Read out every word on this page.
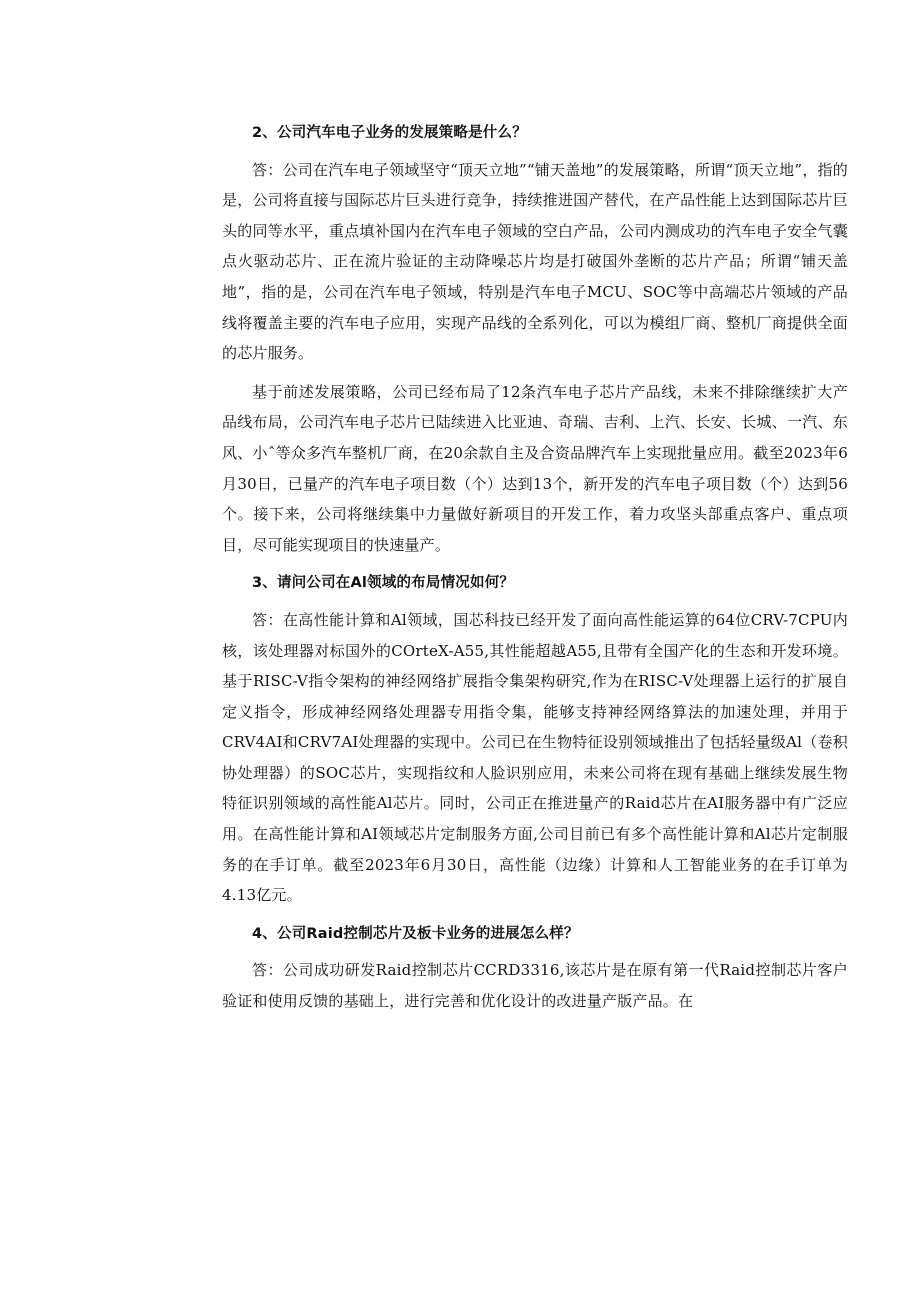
2、公司汽车电子业务的发展策略是什么？

答：公司在汽车电子领域坚守“顶天立地”“铺天盖地”的发展策略，所谓“顶天立地”，指的是，公司将直接与国际芯片巨头进行竞争，持续推进国产替代，在产品性能上达到国际芯片巨头的同等水平，重点填补国内在汽车电子领域的空白产品，公司内测成功的汽车电子安全气囊点火驱动芯片、正在流片验证的主动降噪芯片均是打破国外垄断的芯片产品；所谓“铺天盖地”，指的是，公司在汽车电子领域，特别是汽车电子MCU、SOC等中高端芯片领域的产品线将覆盖主要的汽车电子应用，实现产品线的全系列化，可以为模组厂商、整机厂商提供全面的芯片服务。

基于前述发展策略，公司已经布局了12条汽车电子芯片产品线，未来不排除继续扩大产品线布局，公司汽车电子芯片已陆续进入比亚迪、奇瑞、吉利、上汽、长安、长城、一汽、东风、小ˆ等众多汽车整机厂商，在20余款自主及合资品牌汽车上实现批量应用。截至2023年6月30日，已量产的汽车电子项目数（个）达到13个，新开发的汽车电子项目数（个）达到56个。接下来，公司将继续集中力量做好新项目的开发工作，着力攻坚头部重点客户、重点项目，尽可能实现项目的快速量产。

3、请问公司在Al领域的布局情况如何？

答：在高性能计算和Al领域，国芯科技已经开发了面向高性能运算的64位CRV-7CPU内核，该处理器对标国外的COrteX-A55,其性能超越A55,且带有全国产化的生态和开发环境。基于RISC-V指令架构的神经网络扩展指令集架构研究,作为在RISC-V处理器上运行的扩展自定义指令，形成神经网络处理器专用指令集，能够支持神经网络算法的加速处理，并用于CRV4AI和CRV7AI处理器的实现中。公司已在生物特征设别领域推出了包括轻量级Al（卷积协处理器）的SOC芯片，实现指纹和人脸识别应用，未来公司将在现有基础上继续发展生物特征识别领域的高性能Al芯片。同时，公司正在推进量产的Raid芯片在AI服务器中有广泛应用。在高性能计算和AI领域芯片定制服务方面,公司目前已有多个高性能计算和Al芯片定制服务的在手订单。截至2023年6月30日，高性能（边缘）计算和人工智能业务的在手订单为4.13亿元。

4、公司Raid控制芯片及板卡业务的进展怎么样？

答：公司成功研发Raid控制芯片CCRD3316,该芯片是在原有第一代Raid控制芯片客户验证和使用反馈的基础上，进行完善和优化设计的改进量产版产品。在
